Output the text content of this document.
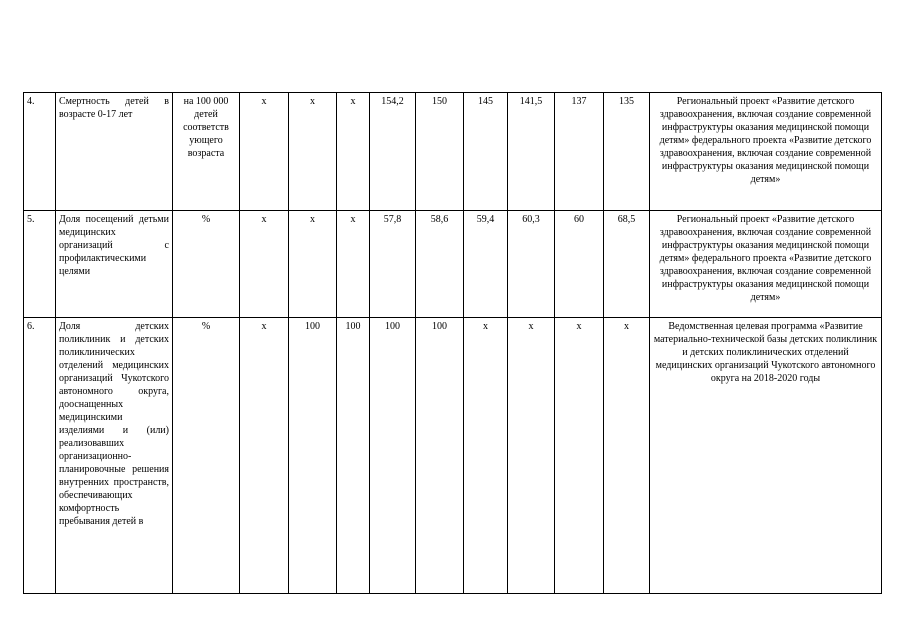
4.	Смертность детей в возрасте 0-17 лет	на 100 000 детей соответств ующего возраста	x	x	x	154,2	150	145	141,5	137	135	Региональный проект «Развитие детского здравоохранения, включая создание современной инфраструктуры оказания медицинской помощи детям» федерального проекта «Развитие детского здравоохранения, включая создание современной инфраструктуры оказания медицинской помощи детям»
5.	Доля посещений детьми медицинских организаций с профилактическими целями	%	x	x	x	57,8	58,6	59,4	60,3	60	68,5	Региональный проект «Развитие детского здравоохранения, включая создание современной инфраструктуры оказания медицинской помощи детям» федерального проекта «Развитие детского здравоохранения, включая создание современной инфраструктуры оказания медицинской помощи детям»
6.	Доля детских поликлиник и детских поликлинических отделений медицинских организаций Чукотского автономного округа, дооснащенных медицинскими изделиями и (или) реализовавших организационно-планировочные решения внутренних пространств, обеспечивающих комфортность пребывания детей в	%	x	100	100	100	100	x	x	x	x	Ведомственная целевая программа «Развитие материально-технической базы детских поликлиник и детских поликлинических отделений медицинских организаций Чукотского автономного округа на 2018-2020 годы
